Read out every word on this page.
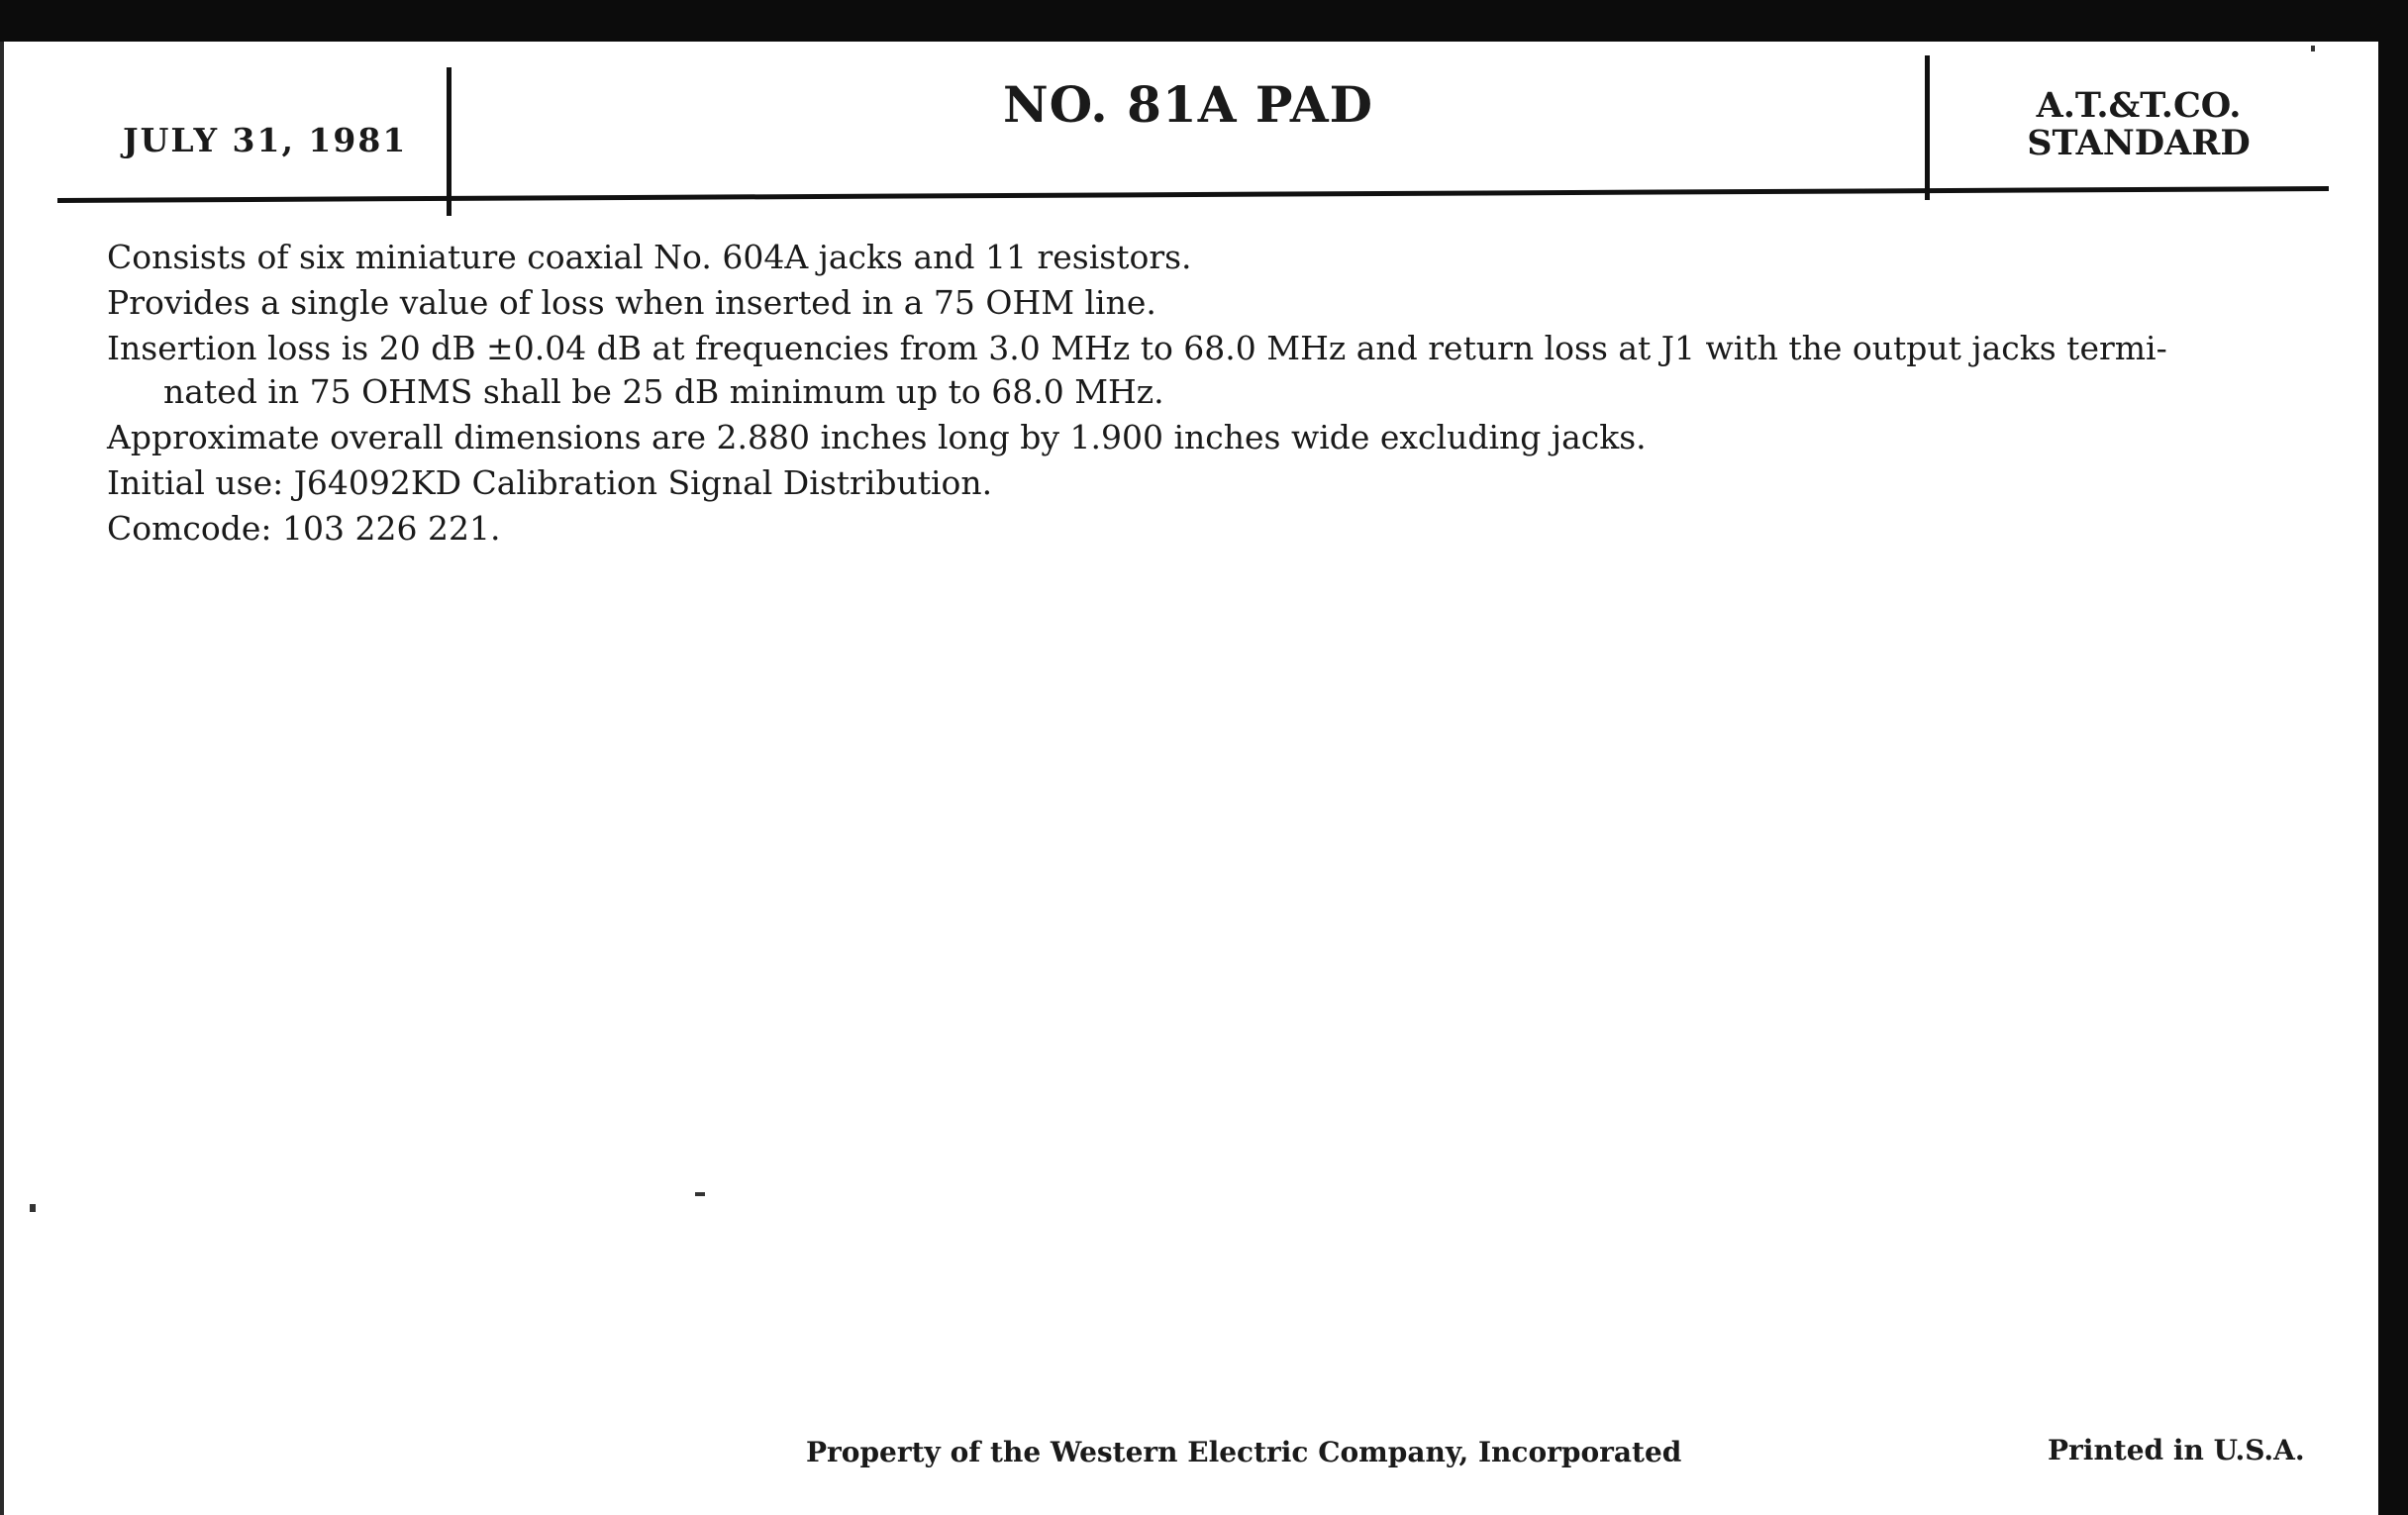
JULY 31, 1981
NO. 81A PAD	A.T.&T.CO.
STANDARD

Consists of six miniature coaxial No. 604A jacks and 11 resistors.

Provides a single value of loss when inserted in a 75 OHM line.

Insertion loss is 20 dB ±0.04 dB at frequencies from 3.0 MHz to 68.0 MHz and return loss at J1 with the output jacks termi-
nated in 75 OHMS shall be 25 dB minimum up to 68.0 MHz.

Approximate overall dimensions are 2.880 inches long by 1.900 inches wide excluding jacks.

Initial use: J64092KD Calibration Signal Distribution.

Comcode: 103 226 221.

Property of the Western Electric Company, Incorporated	Printed in U.S.A.
